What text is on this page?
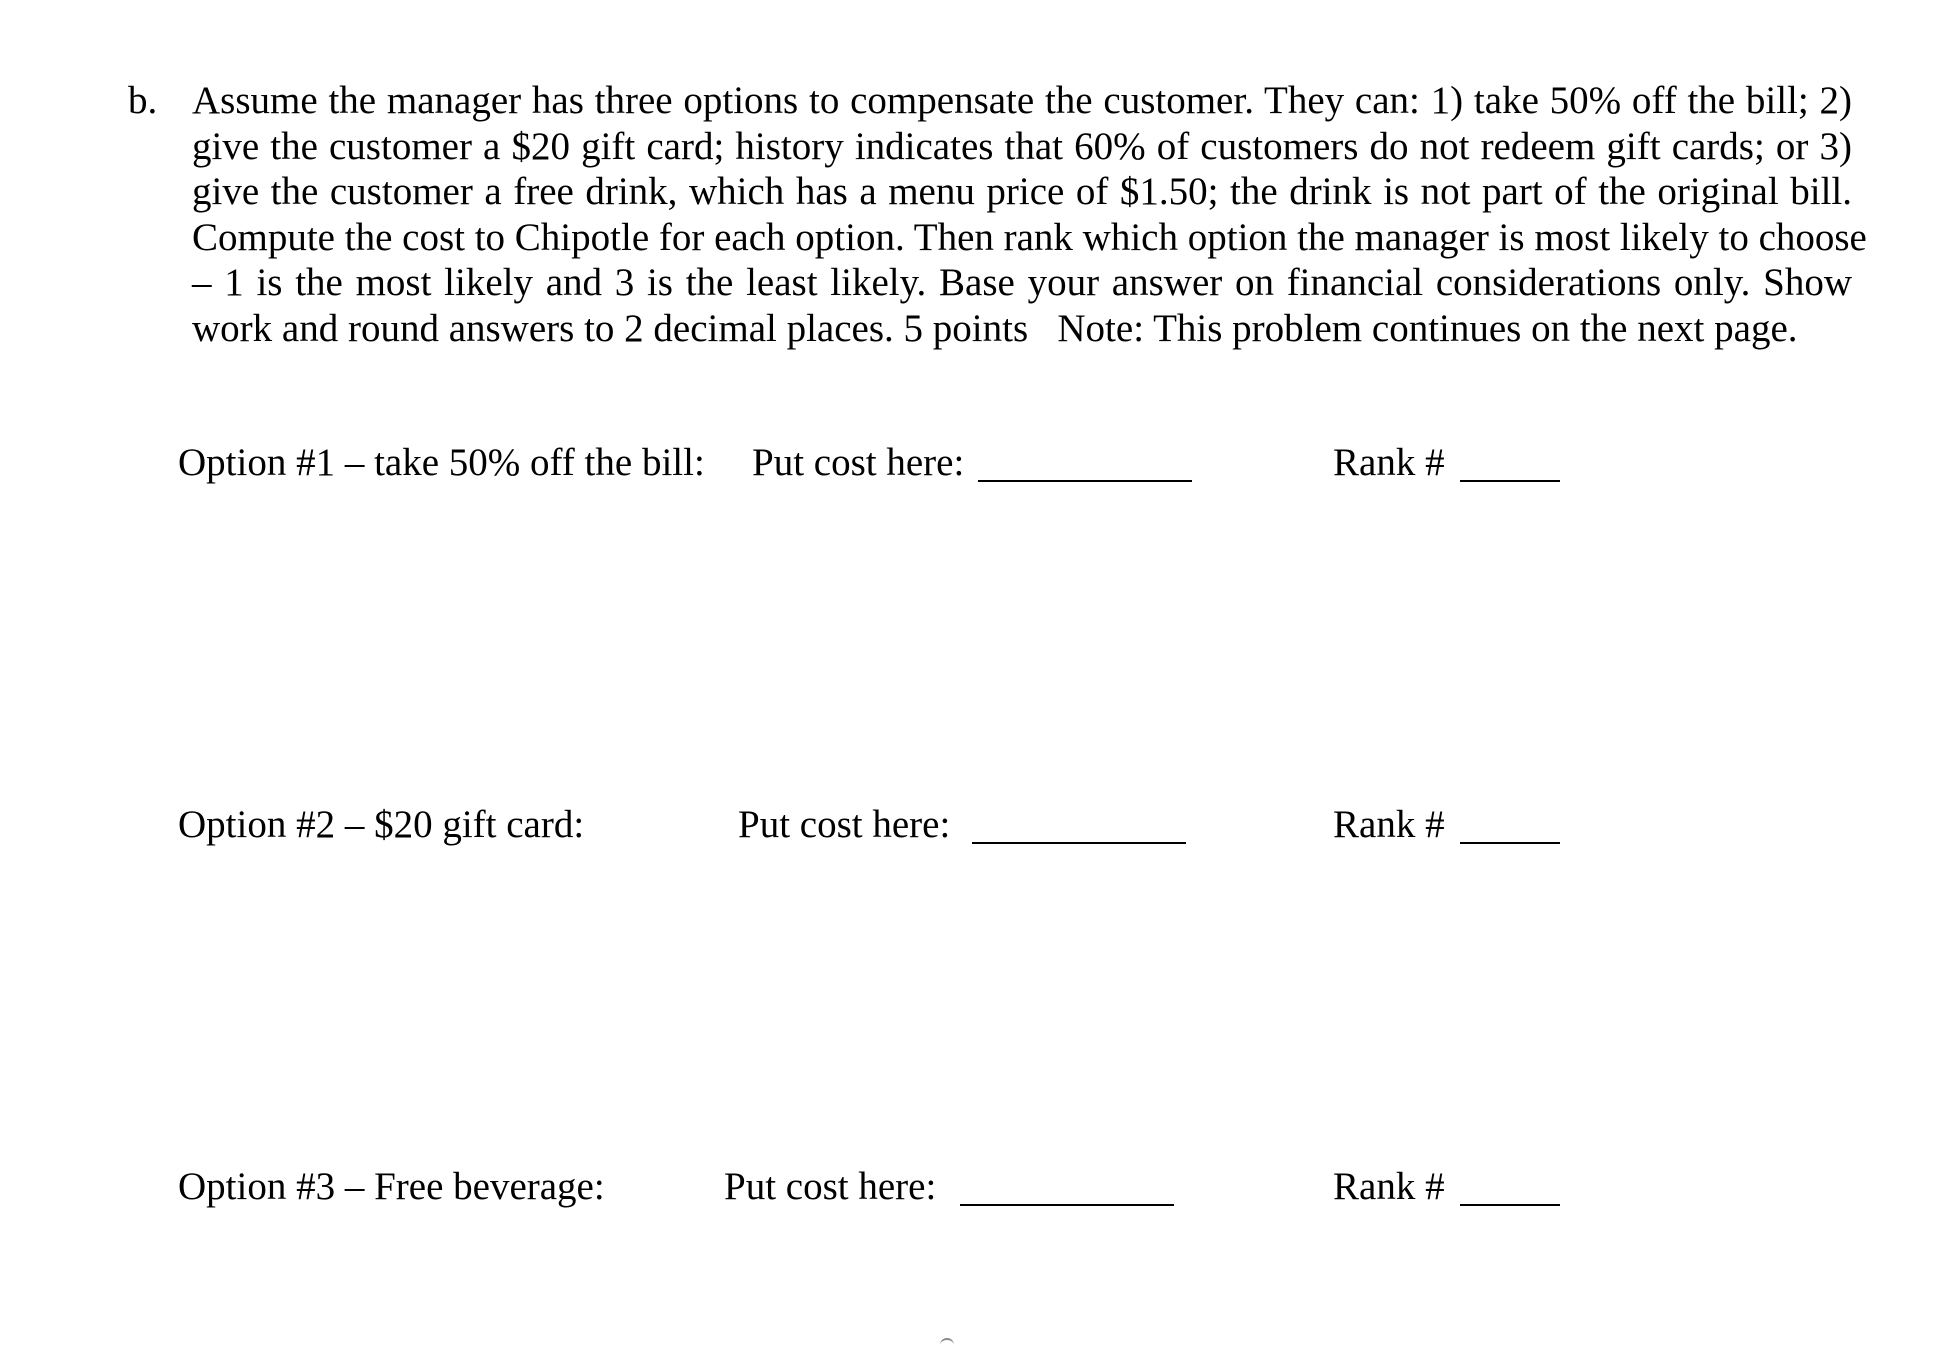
b. Assume the manager has three options to compensate the customer. They can: 1) take 50% off the bill; 2)
give the customer a $20 gift card; history indicates that 60% of customers do not redeem gift cards; or 3)
give the customer a free drink, which has a menu price of $1.50; the drink is not part of the original bill.
Compute the cost to Chipotle for each option. Then rank which option the manager is most likely to choose
– 1 is the most likely and 3 is the least likely. Base your answer on financial considerations only. Show
work and round answers to 2 decimal places. 5 points   Note: This problem continues on the next page.
Option #1 – take 50% off the bill: Put cost here:	Rank #
Option #2 – $20 gift card:	Put cost here:	Rank #
Option #3 – Free beverage:	Put cost here:	Rank #
